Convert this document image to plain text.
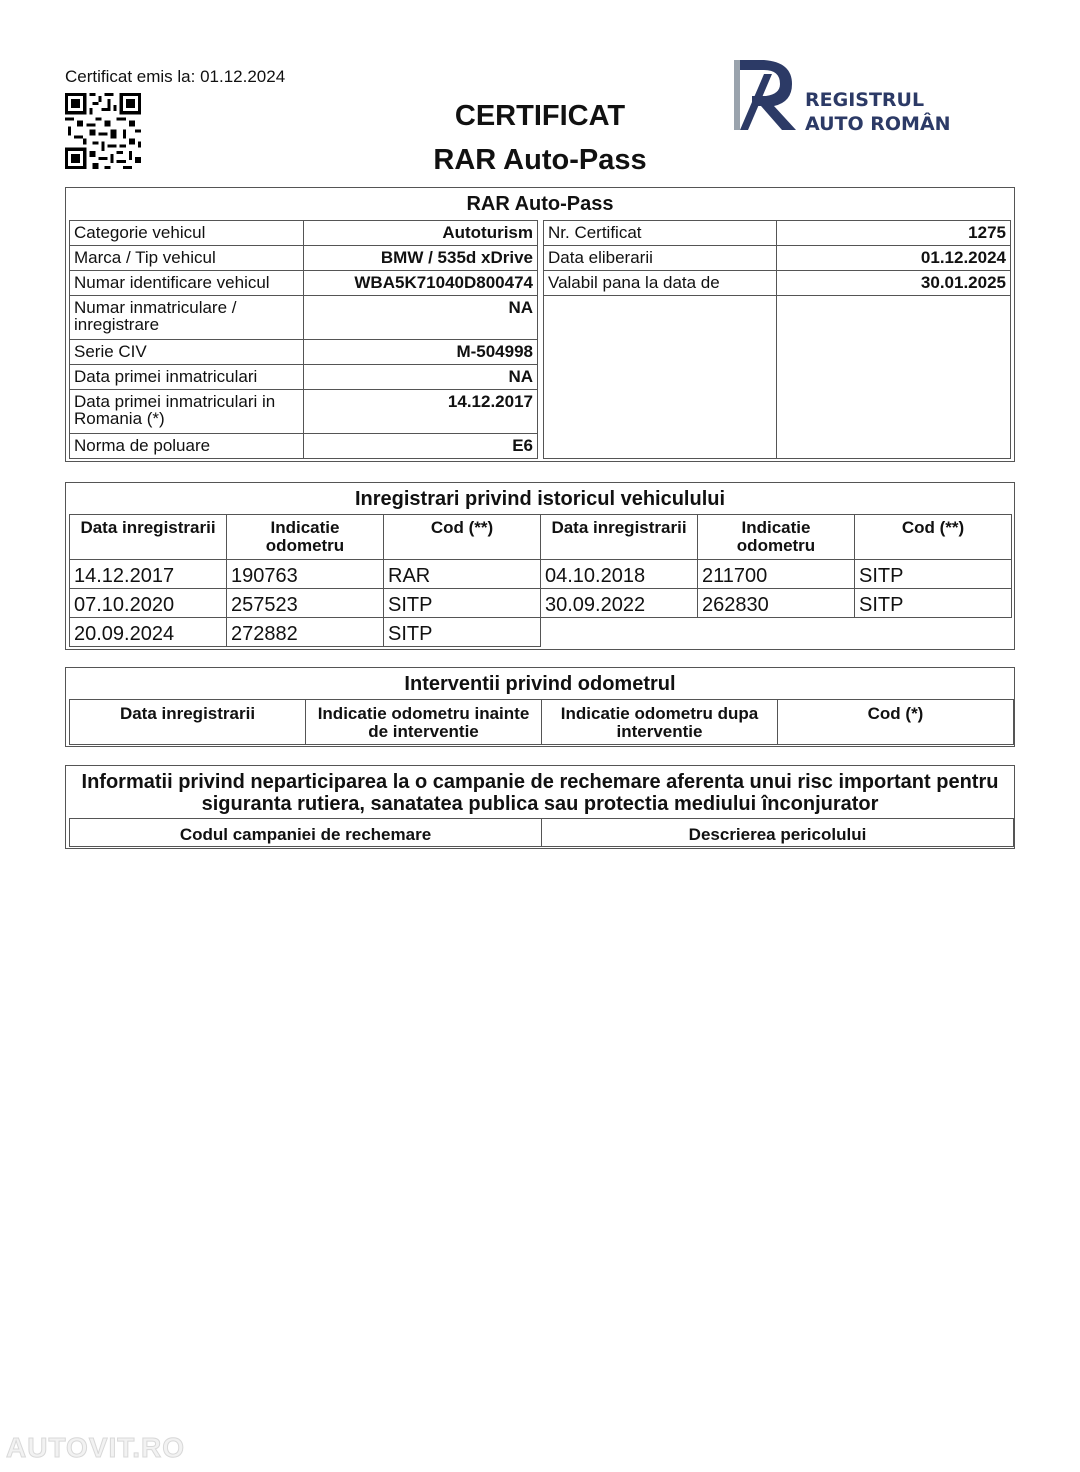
Certificat emis la: 01.12.2024
CERTIFICAT
RAR Auto-Pass
REGISTRUL
AUTO ROMÂN
RAR Auto-Pass
Categorie vehicul	Autoturism
Marca / Tip vehicul	BMW / 535d xDrive
Numar identificare vehicul	WBA5K71040D800474
Numar inmatriculare / inregistrare	NA
Serie CIV	M-504998
Data primei inmatriculari	NA
Data primei inmatriculari in Romania (*)	14.12.2017
Norma de poluare	E6
Nr. Certificat	1275
Data eliberarii	01.12.2024
Valabil pana la data de	30.01.2025

Inregistrari privind istoricul vehiculului
Data inregistrarii	Indicatie odometru	Cod (**)	Data inregistrarii	Indicatie odometru	Cod (**)
14.12.2017	190763	RAR	04.10.2018	211700	SITP
07.10.2020	257523	SITP	30.09.2022	262830	SITP
20.09.2024	272882	SITP			
Interventii privind odometrul
Data inregistrarii	Indicatie odometru inainte de interventie	Indicatie odometru dupa interventie	Cod (*)
Informatii privind neparticiparea la o campanie de rechemare aferenta unui risc important pentru siguranta rutiera, sanatatea publica sau protectia mediului înconjurator
Codul campaniei de rechemare	Descrierea pericolului
AUTOVIT.RO
